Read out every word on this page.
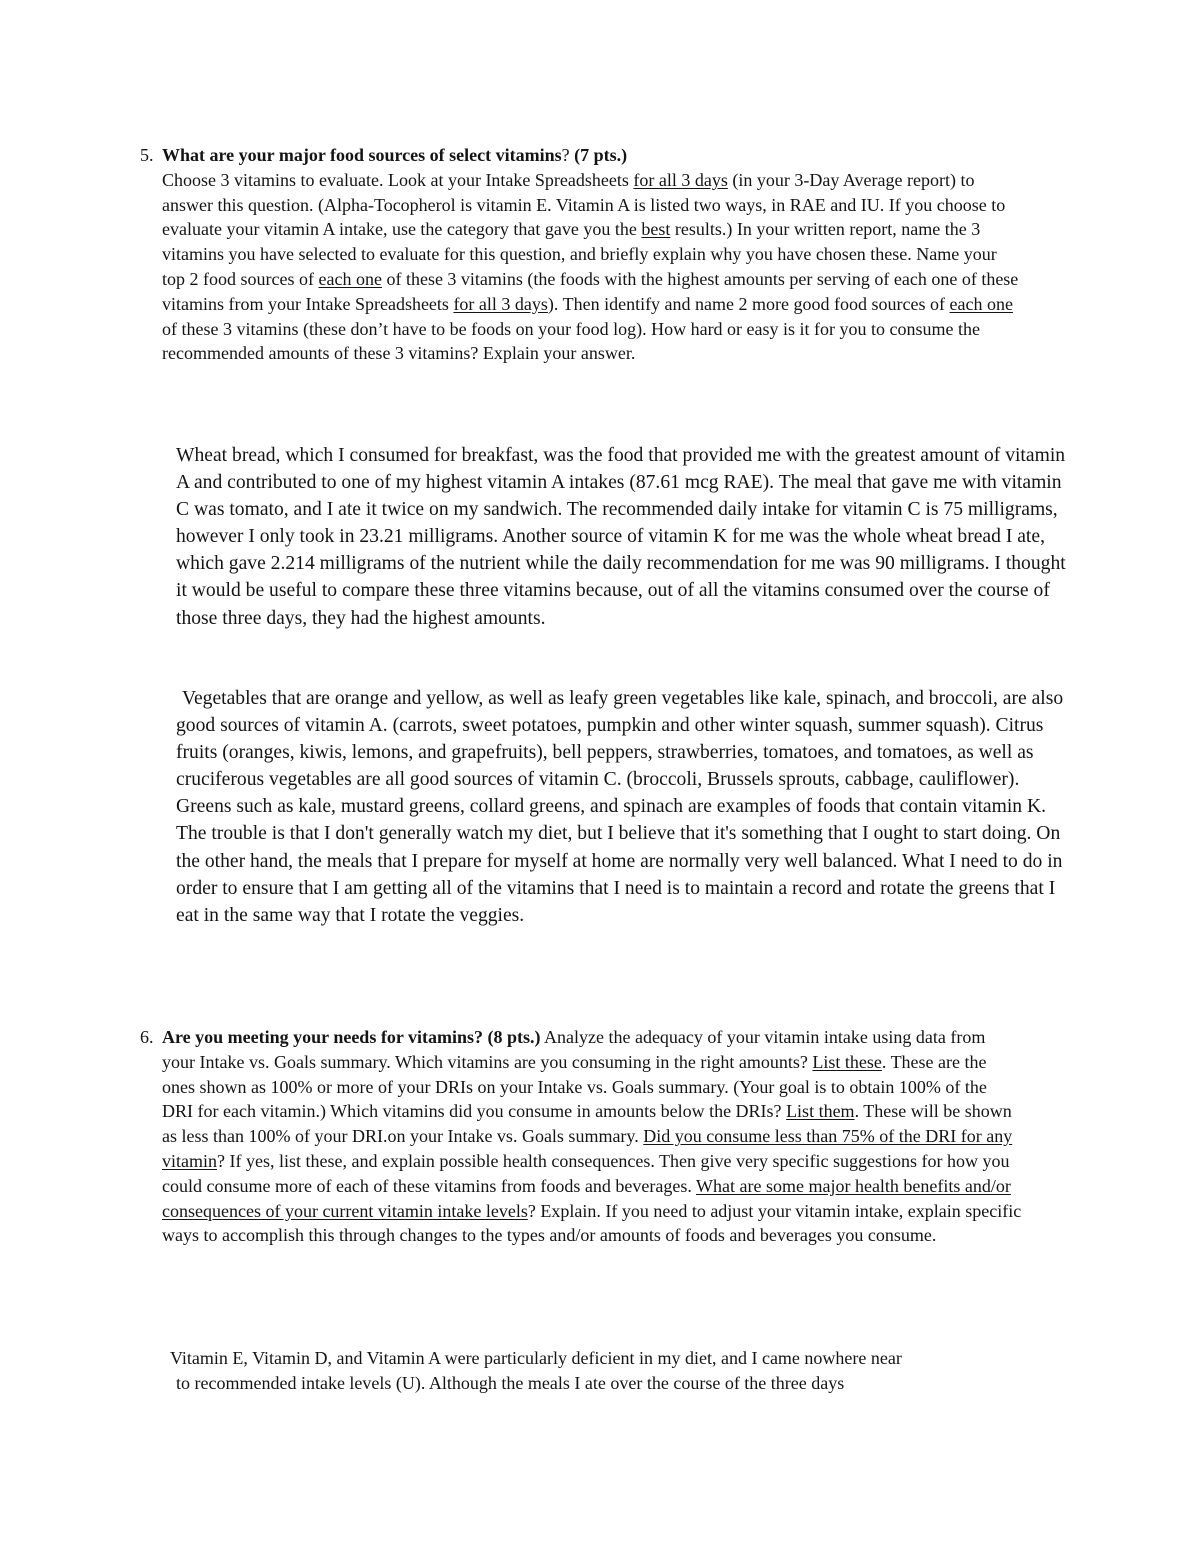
5. What are your major food sources of select vitamins? (7 pts.)
Choose 3 vitamins to evaluate. Look at your Intake Spreadsheets for all 3 days (in your 3-Day Average report) to answer this question. (Alpha-Tocopherol is vitamin E. Vitamin A is listed two ways, in RAE and IU. If you choose to evaluate your vitamin A intake, use the category that gave you the best results.) In your written report, name the 3 vitamins you have selected to evaluate for this question, and briefly explain why you have chosen these. Name your top 2 food sources of each one of these 3 vitamins (the foods with the highest amounts per serving of each one of these vitamins from your Intake Spreadsheets for all 3 days). Then identify and name 2 more good food sources of each one of these 3 vitamins (these don’t have to be foods on your food log). How hard or easy is it for you to consume the recommended amounts of these 3 vitamins? Explain your answer.

Wheat bread, which I consumed for breakfast, was the food that provided me with the greatest amount of vitamin A and contributed to one of my highest vitamin A intakes (87.61 mcg RAE). The meal that gave me with vitamin C was tomato, and I ate it twice on my sandwich. The recommended daily intake for vitamin C is 75 milligrams, however I only took in 23.21 milligrams. Another source of vitamin K for me was the whole wheat bread I ate, which gave 2.214 milligrams of the nutrient while the daily recommendation for me was 90 milligrams. I thought it would be useful to compare these three vitamins because, out of all the vitamins consumed over the course of those three days, they had the highest amounts.

Vegetables that are orange and yellow, as well as leafy green vegetables like kale, spinach, and broccoli, are also good sources of vitamin A. (carrots, sweet potatoes, pumpkin and other winter squash, summer squash). Citrus fruits (oranges, kiwis, lemons, and grapefruits), bell peppers, strawberries, tomatoes, and tomatoes, as well as cruciferous vegetables are all good sources of vitamin C. (broccoli, Brussels sprouts, cabbage, cauliflower). Greens such as kale, mustard greens, collard greens, and spinach are examples of foods that contain vitamin K. The trouble is that I don't generally watch my diet, but I believe that it's something that I ought to start doing. On the other hand, the meals that I prepare for myself at home are normally very well balanced. What I need to do in order to ensure that I am getting all of the vitamins that I need is to maintain a record and rotate the greens that I eat in the same way that I rotate the veggies.

6. Are you meeting your needs for vitamins? (8 pts.) Analyze the adequacy of your vitamin intake using data from your Intake vs. Goals summary. Which vitamins are you consuming in the right amounts? List these. These are the ones shown as 100% or more of your DRIs on your Intake vs. Goals summary. (Your goal is to obtain 100% of the DRI for each vitamin.) Which vitamins did you consume in amounts below the DRIs? List them. These will be shown as less than 100% of your DRI.on your Intake vs. Goals summary. Did you consume less than 75% of the DRI for any vitamin? If yes, list these, and explain possible health consequences. Then give very specific suggestions for how you could consume more of each of these vitamins from foods and beverages. What are some major health benefits and/or consequences of your current vitamin intake levels? Explain. If you need to adjust your vitamin intake, explain specific ways to accomplish this through changes to the types and/or amounts of foods and beverages you consume.
Vitamin E, Vitamin D, and Vitamin A were particularly deficient in my diet, and I came nowhere near
to recommended intake levels (U). Although the meals I ate over the course of the three days
